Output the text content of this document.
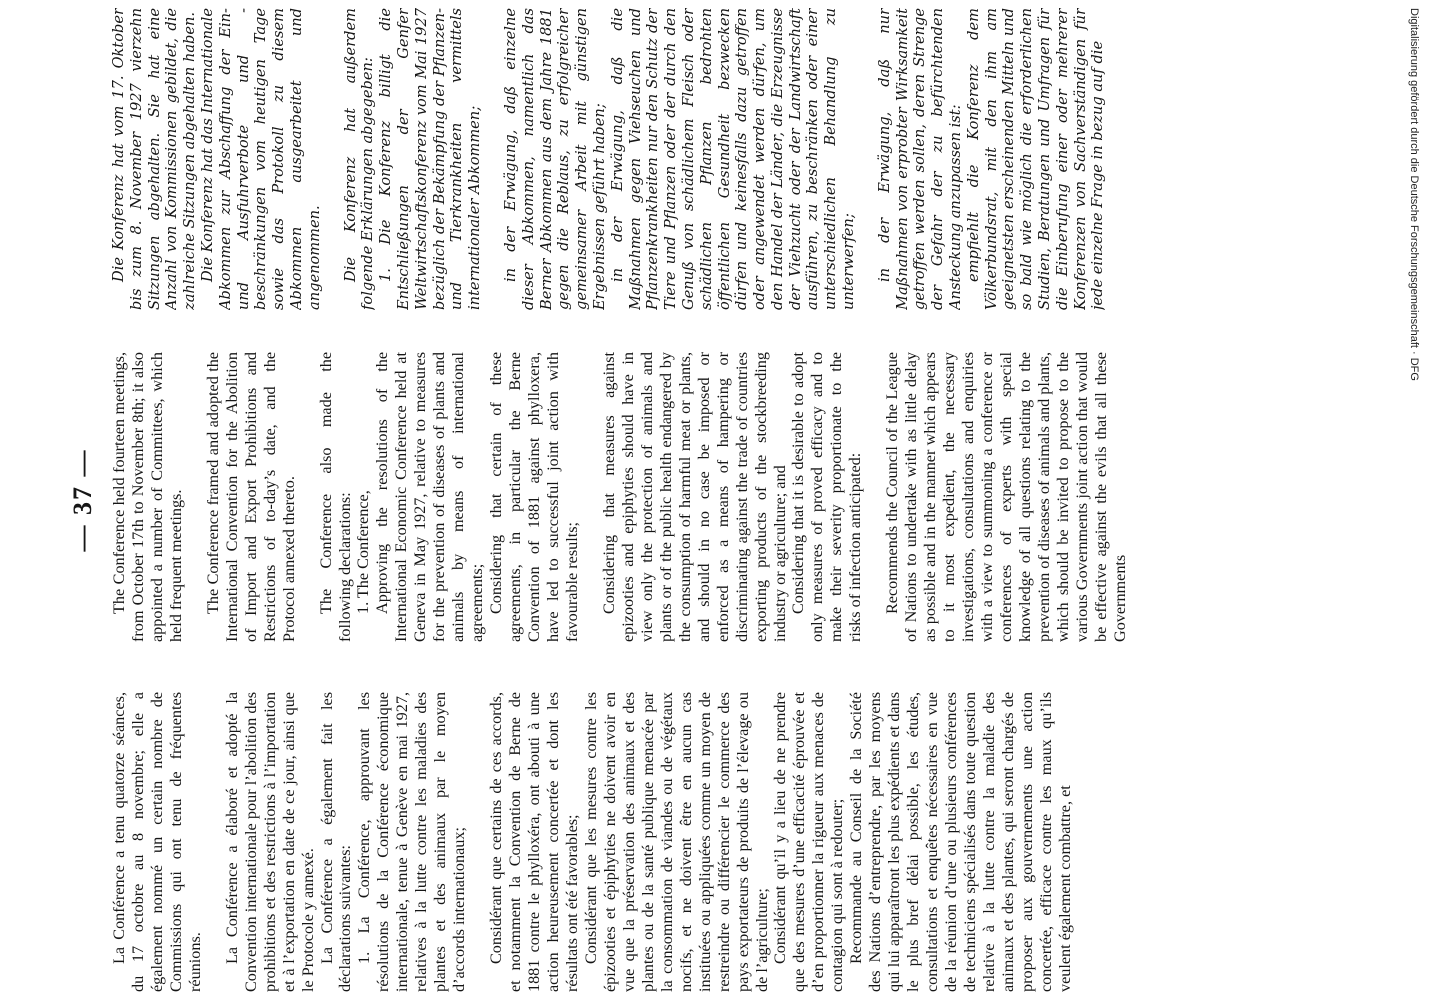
— 37 —

La Conférence a tenu quatorze séances, du 17 octobre au 8 novembre; elle a également nommé un certain nombre de Commissions qui ont tenu de fréquentes réunions. La Conférence a élaboré et adopté la Convention internationale pour l’abolition des prohibitions et des restrictions à l’importation et à l’exportation en date de ce jour, ainsi que le Protocole y annexé. La Conférence a également fait les déclarations suivantes: 1. La Conférence, approuvant les résolutions de la Conférence économique internationale, tenue à Genève en mai 1927, relatives à la lutte contre les maladies des plantes et des animaux par le moyen d’accords internationaux; Considérant que certains de ces accords, et notamment la Convention de Berne de 1881 contre le phylloxéra, ont abouti à une action heureusement concertée et dont les résultats ont été favorables; Considérant que les mesures contre les épizooties et épiphyties ne doivent avoir en vue que la préservation des animaux et des plantes ou de la santé publique menacée par la consommation de viandes ou de végétaux nocifs, et ne doivent être en aucun cas instituées ou appliquées comme un moyen de restreindre ou différencier le commerce des pays exportateurs de produits de l’élevage ou de l’agriculture; Considérant qu’il y a lieu de ne prendre que des mesures d’une efficacité éprouvée et d’en proportionner la rigueur aux menaces de contagion qui sont à redouter; Recommande au Conseil de la Société des Nations d’entreprendre, par les moyens qui lui apparaîtront les plus expédients et dans le plus bref délai possible, les études, consultations et enquêtes nécessaires en vue de la réunion d’une ou plusieurs conférences de techniciens spécialisés dans toute question relative à la lutte contre la maladie des animaux et des plantes, qui seront chargés de proposer aux gouvernements une action concertée, efficace contre les maux qu’ils veulent également combattre, et

The Conference held fourteen meetings, from October 17th to November 8th; it also appointed a number of Committees, which held frequent meetings. The Conference framed and adopted the International Convention for the Abolition of Import and Export Prohibitions and Restrictions of to-day’s date, and the Protocol annexed thereto. The Conference also made the following declarations: 1. The Conference, Approving the resolutions of the International Economic Conference held at Geneva in May 1927, relative to measures for the prevention of diseases of plants and animals by means of international agreements; Considering that certain of these agreements, in particular the Berne Convention of 1881 against phylloxera, have led to successful joint action with favourable results; Considering that measures against epizooties and epiphyties should have in view only the protection of animals and plants or of the public health endangered by the consumption of harmful meat or plants, and should in no case be imposed or enforced as a means of hampering or discriminating against the trade of countries exporting products of the stockbreeding industry or agriculture; and Considering that it is desirable to adopt only measures of proved efficacy and to make their severity proportionate to the risks of infection anticipated: Recommends the Council of the League of Nations to undertake with as little delay as possible and in the manner which appears to it most expedient, the necessary investigations, consultations and enquiries with a view to summoning a conference or conferences of experts with special knowledge of all questions relating to the prevention of diseases of animals and plants, which should be invited to propose to the various Governments joint action that would be effective against the evils that all these Governments

Die Konferenz hat vom 17. Oktober bis zum 8. November 1927 vierzehn Sitzungen abgehalten. Sie hat eine Anzahl von Kommissionen gebildet, die zahlreiche Sitzungen abgehalten haben. Die Konferenz hat das Internationale Abkommen zur Abschaffung der Ein- und Ausfuhrverbote und -beschränkungen vom heutigen Tage sowie das Protokoll zu diesem Abkommen ausgearbeitet und angenommen. Die Konferenz hat außerdem folgende Erklärungen abgegeben: 1. Die Konferenz billigt die Entschließungen der Genfer Weltwirtschaftskonferenz vom Mai 1927 bezüglich der Bekämpfung der Pflanzen- und Tierkrankheiten vermittels internationaler Abkommen; in der Erwägung, daß einzelne dieser Abkommen, namentlich das Berner Abkommen aus dem Jahre 1881 gegen die Reblaus, zu erfolgreicher gemeinsamer Arbeit mit günstigen Ergebnissen geführt haben; in der Erwägung, daß die Maßnahmen gegen Viehseuchen und Pflanzenkrankheiten nur den Schutz der Tiere und Pflanzen oder der durch den Genuß von schädlichem Fleisch oder schädlichen Pflanzen bedrohten öffentlichen Gesundheit bezwecken dürfen und keinesfalls dazu getroffen oder angewendet werden dürfen, um den Handel der Länder, die Erzeugnisse der Viehzucht oder der Landwirtschaft ausführen, zu beschränken oder einer unterschiedlichen Behandlung zu unterwerfen; in der Erwägung, daß nur Maßnahmen von erprobter Wirksamkeit getroffen werden sollen, deren Strenge der Gefahr der zu befürchtenden Ansteckung anzupassen ist: empfiehlt die Konferenz dem Völkerbundsrat, mit den ihm am geeignetsten erscheinenden Mitteln und so bald wie möglich die erforderlichen Studien, Beratungen und Umfragen für die Einberufung einer oder mehrerer Konferenzen von Sachverständigen für jede einzelne Frage in bezug auf die	Digitalisierung gefördert durch die Deutsche Forschungsgemeinschaft · DFG
